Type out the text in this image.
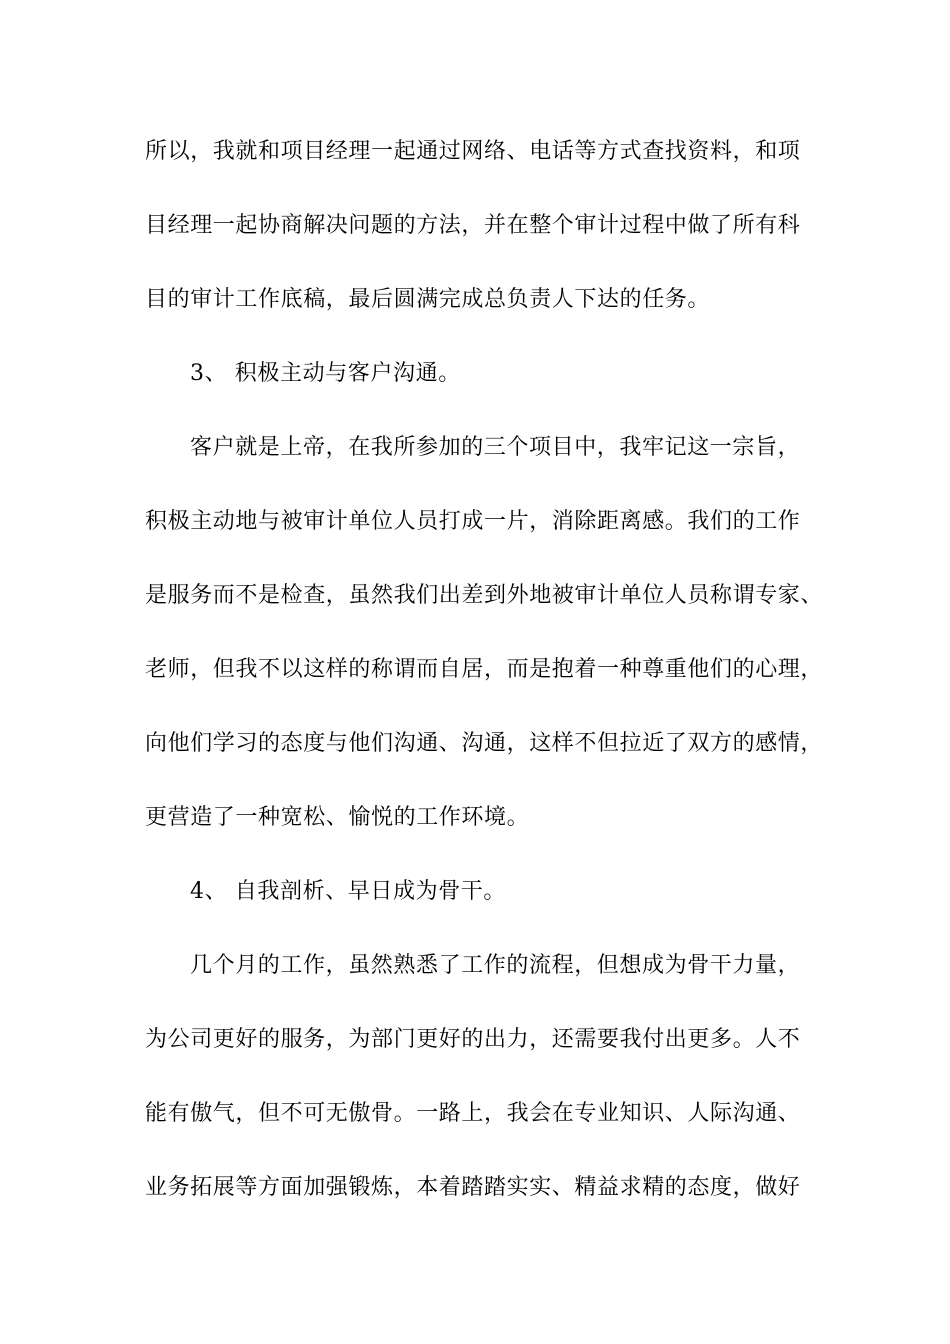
所以，我就和项目经理一起通过网络、电话等方式查找资料，和项
目经理一起协商解决问题的方法，并在整个审计过程中做了所有科
目的审计工作底稿，最后圆满完成总负责人下达的任务。
3、 积极主动与客户沟通。
客户就是上帝，在我所参加的三个项目中，我牢记这一宗旨，
积极主动地与被审计单位人员打成一片，消除距离感。我们的工作
是服务而不是检查，虽然我们出差到外地被审计单位人员称谓专家、
老师，但我不以这样的称谓而自居，而是抱着一种尊重他们的心理，
向他们学习的态度与他们沟通、沟通，这样不但拉近了双方的感情，
更营造了一种宽松、愉悦的工作环境。
4、 自我剖析、早日成为骨干。
几个月的工作，虽然熟悉了工作的流程，但想成为骨干力量，
为公司更好的服务，为部门更好的出力，还需要我付出更多。人不
能有傲气，但不可无傲骨。一路上，我会在专业知识、人际沟通、
业务拓展等方面加强锻炼，本着踏踏实实、精益求精的态度，做好
